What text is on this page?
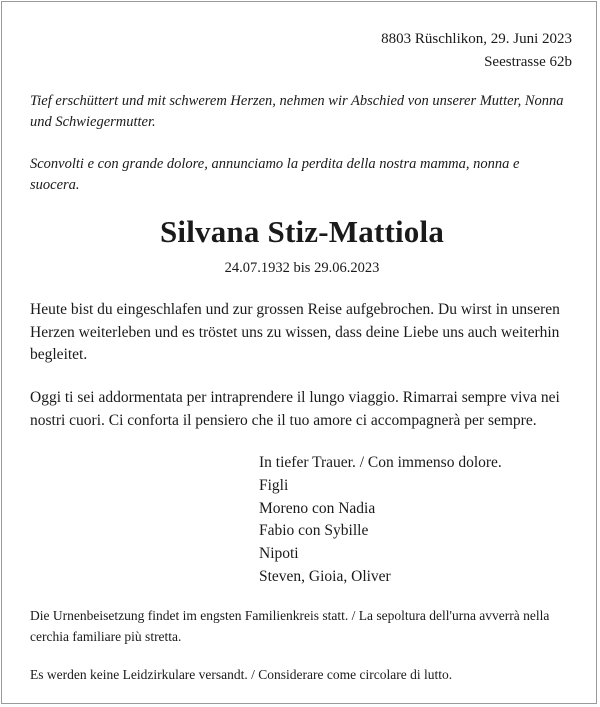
8803 Rüschlikon, 29. Juni 2023
Seestrasse 62b
Tief erschüttert und mit schwerem Herzen, nehmen wir Abschied von unserer Mutter, Nonna und Schwiegermutter.
Sconvolti e con grande dolore, annunciamo la perdita della nostra mamma, nonna e suocera.
Silvana Stiz-Mattiola
24.07.1932 bis 29.06.2023
Heute bist du eingeschlafen und zur grossen Reise aufgebrochen. Du wirst in unseren Herzen weiterleben und es tröstet uns zu wissen, dass deine Liebe uns auch weiterhin begleitet.
Oggi ti sei addormentata per intraprendere il lungo viaggio. Rimarrai sempre viva nei nostri cuori. Ci conforta il pensiero che il tuo amore ci accompagnerà per sempre.
In tiefer Trauer. / Con immenso dolore.
Figli
Moreno con Nadia
Fabio con Sybille
Nipoti
Steven, Gioia, Oliver
Die Urnenbeisetzung findet im engsten Familienkreis statt. / La sepoltura dell'urna avverrà nella cerchia familiare più stretta.
Es werden keine Leidzirkulare versandt. / Considerare come circolare di lutto.
